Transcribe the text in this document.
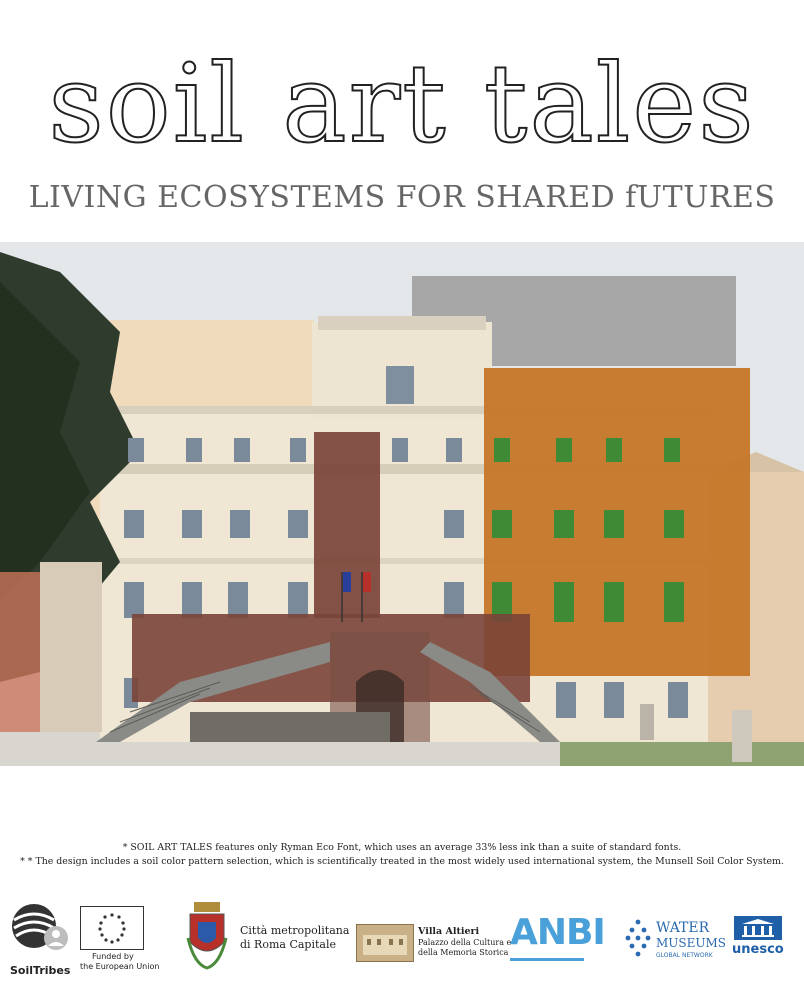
soil art tales
LIVING ECOSYSTEMS FOR SHARED fUTURES
* SOIL ART TALES features only Ryman Eco Font, which uses an average 33% less ink than a suite of standard fonts.
* * The design includes a soil color pattern selection, which is scientifically treated in the most widely used international system, the Munsell Soil Color System.
SoilTribes
Funded by
the European Union
Città metropolitana
di Roma Capitale
Villa Altieri
Palazzo della Cultura e
della Memoria Storica ANBI	WATER
MUSEUMS
GLOBAL NETWORK unesco
